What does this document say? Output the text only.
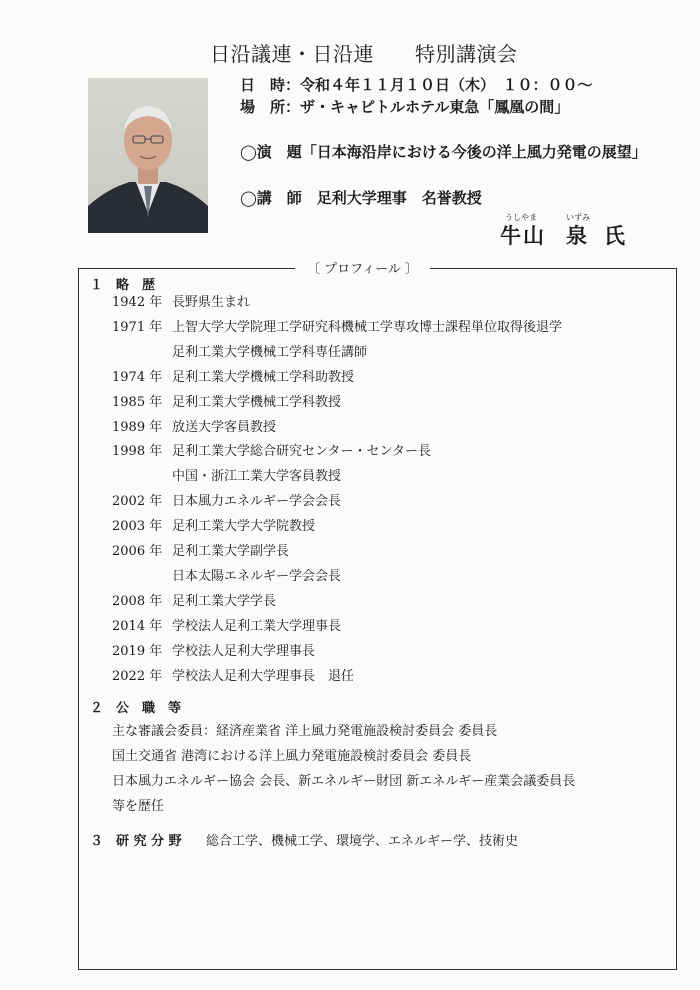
日沿議連・日沿連　　特別講演会
日　時：令和４年１１月１０日（木）　１０：００～
場　所：ザ・キャピトルホテル東急「鳳凰の間」
◯演　題「日本海沿岸における今後の洋上風力発電の展望」
◯講　師　足利大学理事　名誉教授
うしやま	いずみ
牛山 泉 氏
〔 プロフィール 〕
１　略　歴
1942 年 長野県生まれ
1971 年 上智大学大学院理工学研究科機械工学専攻博士課程単位取得後退学
足利工業大学機械工学科専任講師
1974 年 足利工業大学機械工学科助教授
1985 年 足利工業大学機械工学科教授
1989 年 放送大学客員教授
1998 年 足利工業大学総合研究センター・センター長
中国・浙江工業大学客員教授
2002 年 日本風力エネルギー学会会長
2003 年 足利工業大学大学院教授
2006 年 足利工業大学副学長
日本太陽エネルギー学会会長
2008 年 足利工業大学学長
2014 年 学校法人足利工業大学理事長
2019 年 学校法人足利大学理事長
2022 年 学校法人足利大学理事長　退任
２　公　職　等
主な審議会委員：経済産業省 洋上風力発電施設検討委員会 委員長
国土交通省 港湾における洋上風力発電施設検討委員会 委員長
日本風力エネルギー協会 会長、新エネルギー財団 新エネルギー産業会議委員長
等を歴任
３　研 究 分 野 総合工学、機械工学、環境学、エネルギー学、技術史
